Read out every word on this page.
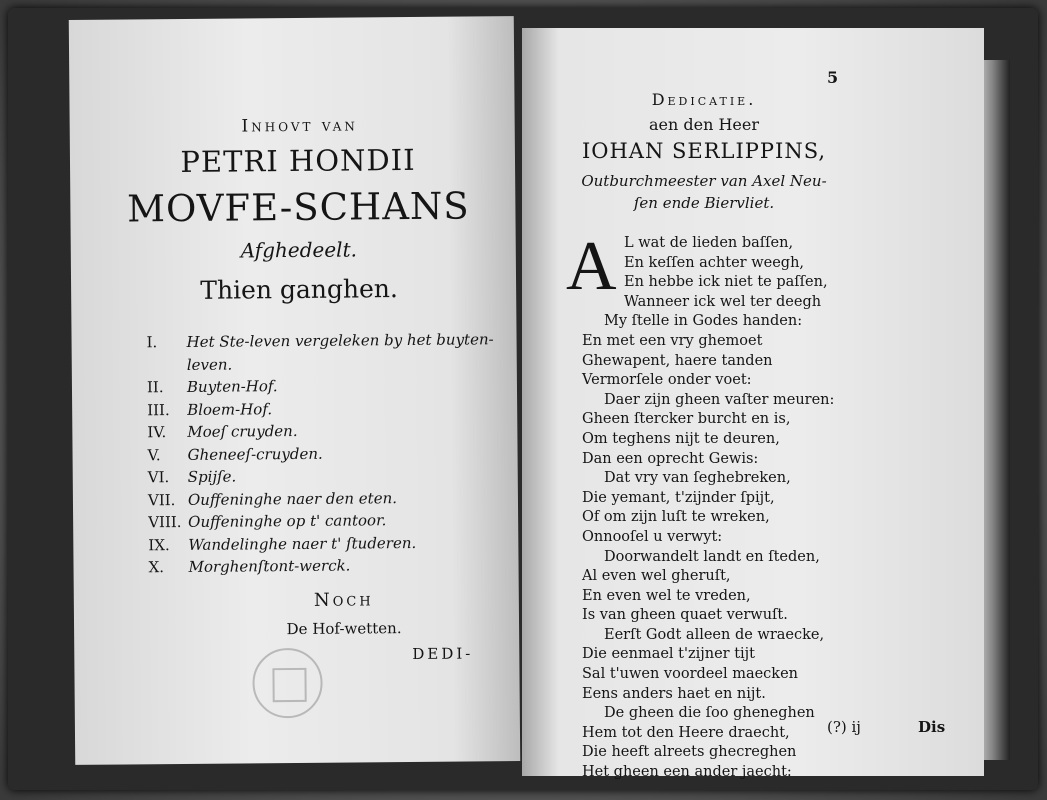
Inhovt van
PETRI HONDII
MOVFE-SCHANS
Afghedeelt.
Thien ganghen.
I.	Het Ste-leven vergeleken by het buyten-
leven.
II.	Buyten-Hof.
III.	Bloem-Hof.
IV.	Moeſ cruyden.
V.	Gheneeſ-cruyden.
VI.	Spijſe.
VII. Ouffeninghe naer den eten.
VIII. Ouffeninghe op t' cantoor.
IX.	Wandelinghe naer t' ſtuderen.
X.	Morghenſtont-werck.
Noch
De Hof-wetten.
DEDI-
5
Dedicatie.
aen den Heer
IOHAN SERLIPPINS,
Outburchmeester van Axel Neu-
ſen ende Biervliet.
A L wat de lieden baſſen,
En keſſen achter weegh,
En hebbe ick niet te paſſen,
Wanneer ick wel ter deegh
My ſtelle in Godes handen:
En met een vry ghemoet
Ghewapent, haere tanden
Vermorſele onder voet:
Daer zijn gheen vaſter meuren:
Gheen ſtercker burcht en is,
Om teghens nijt te deuren,
Dan een oprecht Gewis:
Dat vry van ſeghebreken,
Die yemant, t'zijnder ſpijt,
Of om zijn luſt te wreken,
Onnooſel u verwyt:
Doorwandelt landt en ſteden,
Al even wel gheruſt,
En even wel te vreden,
Is van gheen quaet verwuſt.
Eerſt Godt alleen de wraecke,
Die eenmael t'zijner tijt
Sal t'uwen voordeel maecken
Eens anders haet en nijt.
De gheen die ſoo gheneghen
Hem tot den Heere draecht,
Die heeft alreets ghecreghen
Het gheen een ander jaecht:
(?) ij	Dis
